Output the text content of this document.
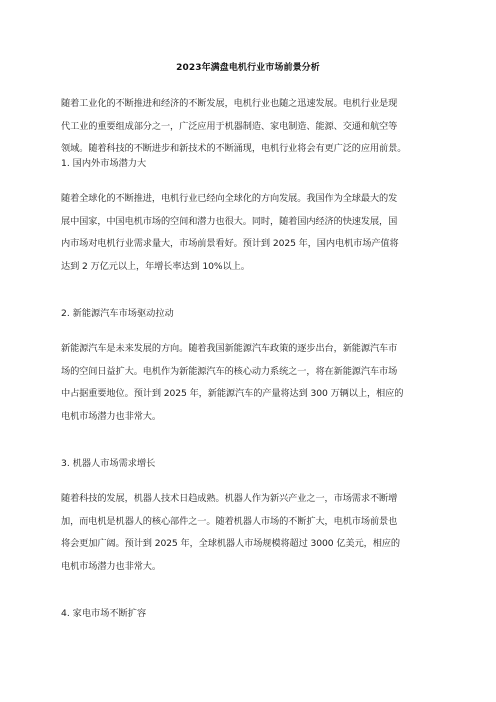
2023年满盘电机行业市场前景分析
随着工业化的不断推进和经济的不断发展，电机行业也随之迅速发展。电机行业是现
代工业的重要组成部分之一，广泛应用于机器制造、家电制造、能源、交通和航空等
领域。随着科技的不断进步和新技术的不断涌现，电机行业将会有更广泛的应用前景。
1. 国内外市场潜力大
随着全球化的不断推进，电机行业已经向全球化的方向发展。我国作为全球最大的发
展中国家，中国电机市场的空间和潜力也很大。同时，随着国内经济的快速发展，国
内市场对电机行业需求量大，市场前景看好。预计到 2025 年，国内电机市场产值将
达到 2 万亿元以上，年增长率达到 10%以上。
2. 新能源汽车市场驱动拉动
新能源汽车是未来发展的方向。随着我国新能源汽车政策的逐步出台，新能源汽车市
场的空间日益扩大。电机作为新能源汽车的核心动力系统之一，将在新能源汽车市场
中占据重要地位。预计到 2025 年，新能源汽车的产量将达到 300 万辆以上，相应的
电机市场潜力也非常大。
3. 机器人市场需求增长
随着科技的发展，机器人技术日趋成熟。机器人作为新兴产业之一，市场需求不断增
加，而电机是机器人的核心部件之一。随着机器人市场的不断扩大，电机市场前景也
将会更加广阔。预计到 2025 年，全球机器人市场规模将超过 3000 亿美元，相应的
电机市场潜力也非常大。
4. 家电市场不断扩容
